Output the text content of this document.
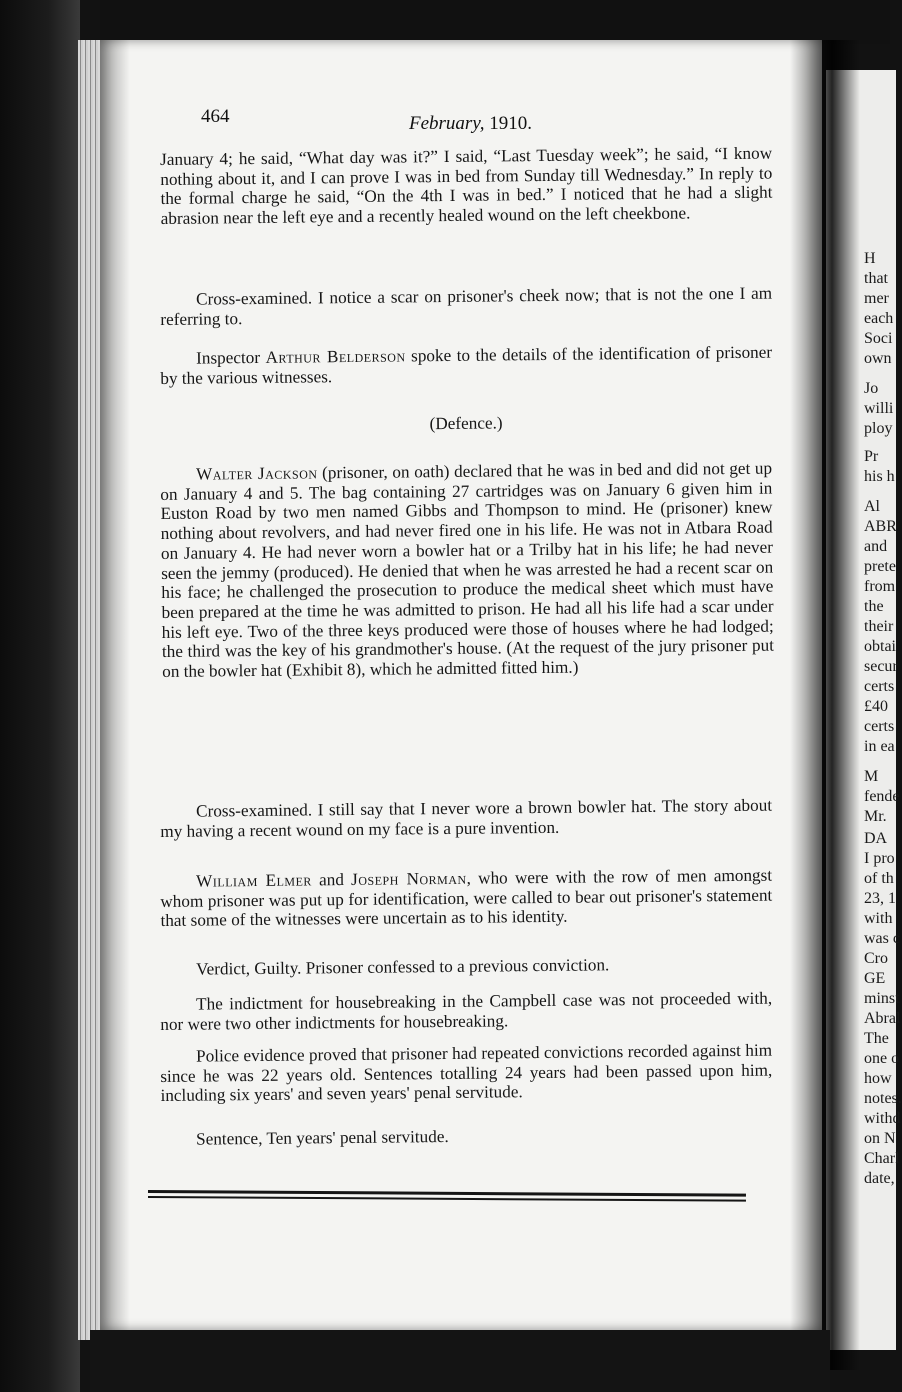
H
that
mer
each
Soci
own
Jo
willi
ploy
Pr
his h
Al
ABR
and
prete
from
the
their
obtai
secur
certs
£40
certs
in ea
M
fende
Mr.
DA
I pro
of th
23, 1
with
was c
Cro
GE
minst
Abral
The
one o
how
notes.
withd
on N
Charl
date,
464	February, 1910.

January 4; he said, “What day was it?” I said, “Last Tuesday week”; he said, “I know nothing about it, and I can prove I was in bed from Sunday till Wednesday.” In reply to the formal charge he said, “On the 4th I was in bed.” I noticed that he had a slight abrasion near the left eye and a recently healed wound on the left cheekbone.

Cross-examined. I notice a scar on prisoner's cheek now; that is not the one I am referring to.

Inspector Arthur Belderson spoke to the details of the identification of prisoner by the various witnesses.

(Defence.)

Walter Jackson (prisoner, on oath) declared that he was in bed and did not get up on January 4 and 5. The bag containing 27 cartridges was on January 6 given him in Euston Road by two men named Gibbs and Thompson to mind. He (prisoner) knew nothing about revolvers, and had never fired one in his life. He was not in Atbara Road on January 4. He had never worn a bowler hat or a Trilby hat in his life; he had never seen the jemmy (produced). He denied that when he was arrested he had a recent scar on his face; he challenged the prosecution to produce the medical sheet which must have been prepared at the time he was admitted to prison. He had all his life had a scar under his left eye. Two of the three keys produced were those of houses where he had lodged; the third was the key of his grandmother's house. (At the request of the jury prisoner put on the bowler hat (Exhibit 8), which he admitted fitted him.)

Cross-examined. I still say that I never wore a brown bowler hat. The story about my having a recent wound on my face is a pure invention.

William Elmer and Joseph Norman, who were with the row of men amongst whom prisoner was put up for identification, were called to bear out prisoner's statement that some of the witnesses were uncertain as to his identity.

Verdict, Guilty. Prisoner confessed to a previous conviction.

The indictment for housebreaking in the Campbell case was not proceeded with, nor were two other indictments for housebreaking.

Police evidence proved that prisoner had repeated convictions recorded against him since he was 22 years old. Sentences totalling 24 years had been passed upon him, including six years' and seven years' penal servitude.

Sentence, Ten years' penal servitude.
